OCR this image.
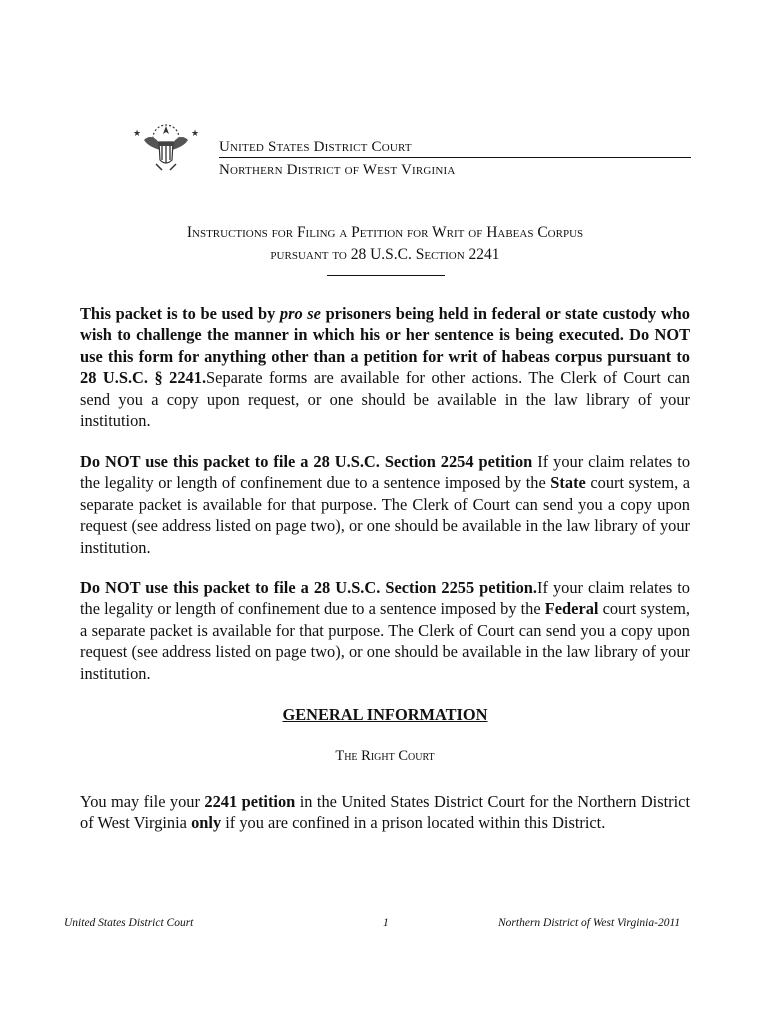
★	★
United States District Court
Northern District of West Virginia
Instructions for Filing a Petition for Writ of Habeas Corpus
pursuant to 28 U.S.C. Section 2241

This packet is to be used by pro se prisoners being held in federal or state custody who wish to challenge the manner in which his or her sentence is being executed. Do NOT use this form for anything other than a petition for writ of habeas corpus pursuant to 28 U.S.C. § 2241.Separate forms are available for other actions. The Clerk of Court can send you a copy upon request, or one should be available in the law library of your institution.

Do NOT use this packet to file a 28 U.S.C. Section 2254 petition If your claim relates to the legality or length of confinement due to a sentence imposed by the State court system, a separate packet is available for that purpose. The Clerk of Court can send you a copy upon request (see address listed on page two), or one should be available in the law library of your institution.

Do NOT use this packet to file a 28 U.S.C. Section 2255 petition.If your claim relates to the legality or length of confinement due to a sentence imposed by the Federal court system, a separate packet is available for that purpose. The Clerk of Court can send you a copy upon request (see address listed on page two), or one should be available in the law library of your institution.

GENERAL INFORMATION
The Right Court

You may file your 2241 petition in the United States District Court for the Northern District of West Virginia only if you are confined in a prison located within this District.

United States District Court	1	Northern District of West Virginia-2011
